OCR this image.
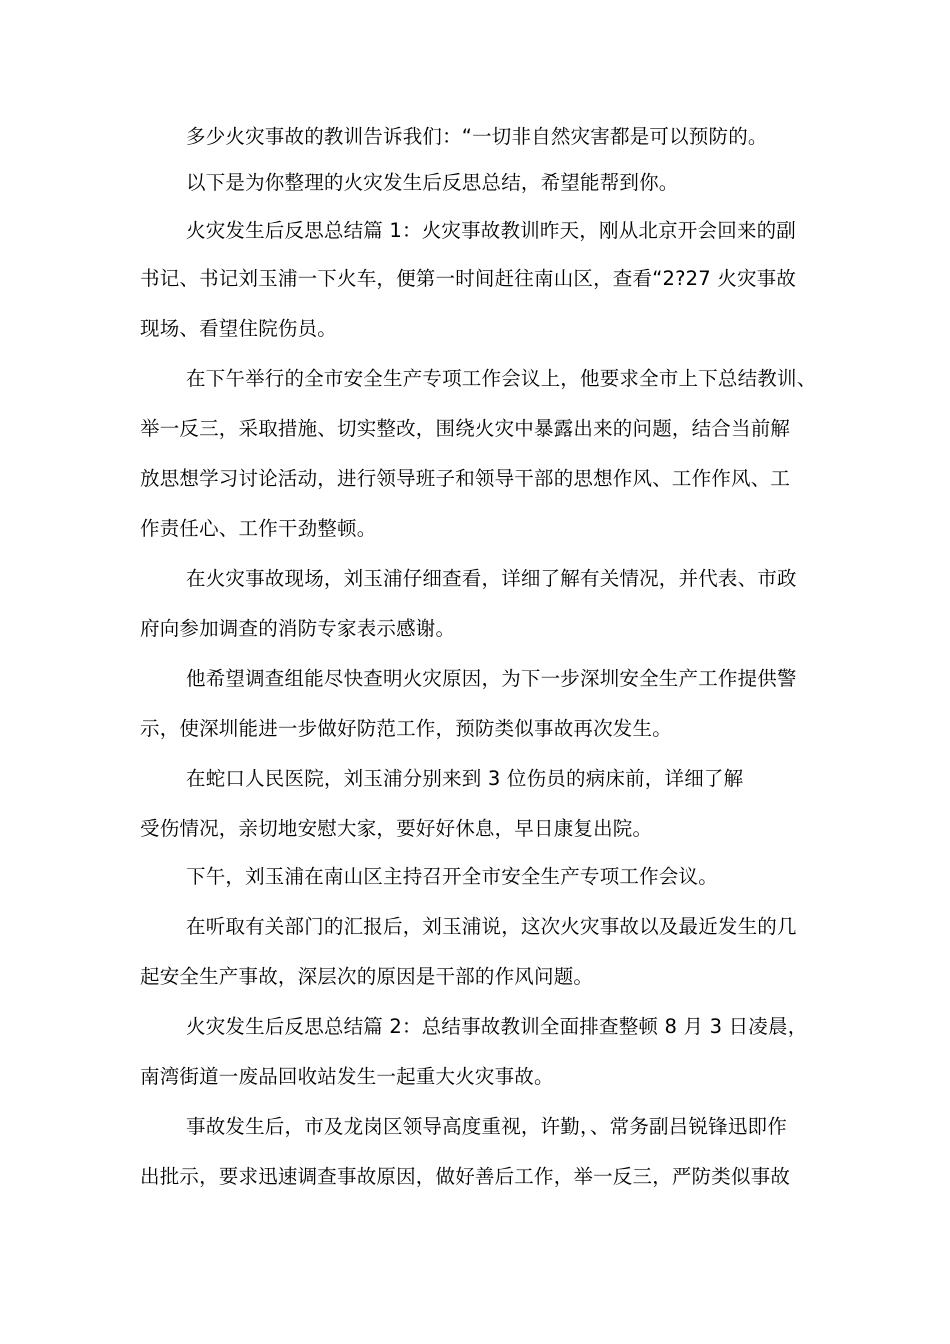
多少火灾事故的教训告诉我们：“一切非自然灾害都是可以预防的。
以下是为你整理的火灾发生后反思总结，希望能帮到你。
火灾发生后反思总结篇 1：火灾事故教训昨天，刚从北京开会回来的副
书记、书记刘玉浦一下火车，便第一时间赶往南山区，查看“2?27 火灾事故
现场、看望住院伤员。
在下午举行的全市安全生产专项工作会议上，他要求全市上下总结教训、
举一反三，采取措施、切实整改，围绕火灾中暴露出来的问题，结合当前解
放思想学习讨论活动，进行领导班子和领导干部的思想作风、工作作风、工
作责任心、工作干劲整顿。
在火灾事故现场，刘玉浦仔细查看，详细了解有关情况，并代表、市政
府向参加调查的消防专家表示感谢。
他希望调查组能尽快查明火灾原因，为下一步深圳安全生产工作提供警
示，使深圳能进一步做好防范工作，预防类似事故再次发生。
在蛇口人民医院，刘玉浦分别来到 3 位伤员的病床前，详细了解
受伤情况，亲切地安慰大家，要好好休息，早日康复出院。
下午，刘玉浦在南山区主持召开全市安全生产专项工作会议。
在听取有关部门的汇报后，刘玉浦说，这次火灾事故以及最近发生的几
起安全生产事故，深层次的原因是干部的作风问题。
火灾发生后反思总结篇 2：总结事故教训全面排查整顿 8 月 3 日凌晨，
南湾街道一废品回收站发生一起重大火灾事故。
事故发生后，市及龙岗区领导高度重视，许勤，、常务副吕锐锋迅即作
出批示，要求迅速调查事故原因，做好善后工作，举一反三，严防类似事故
